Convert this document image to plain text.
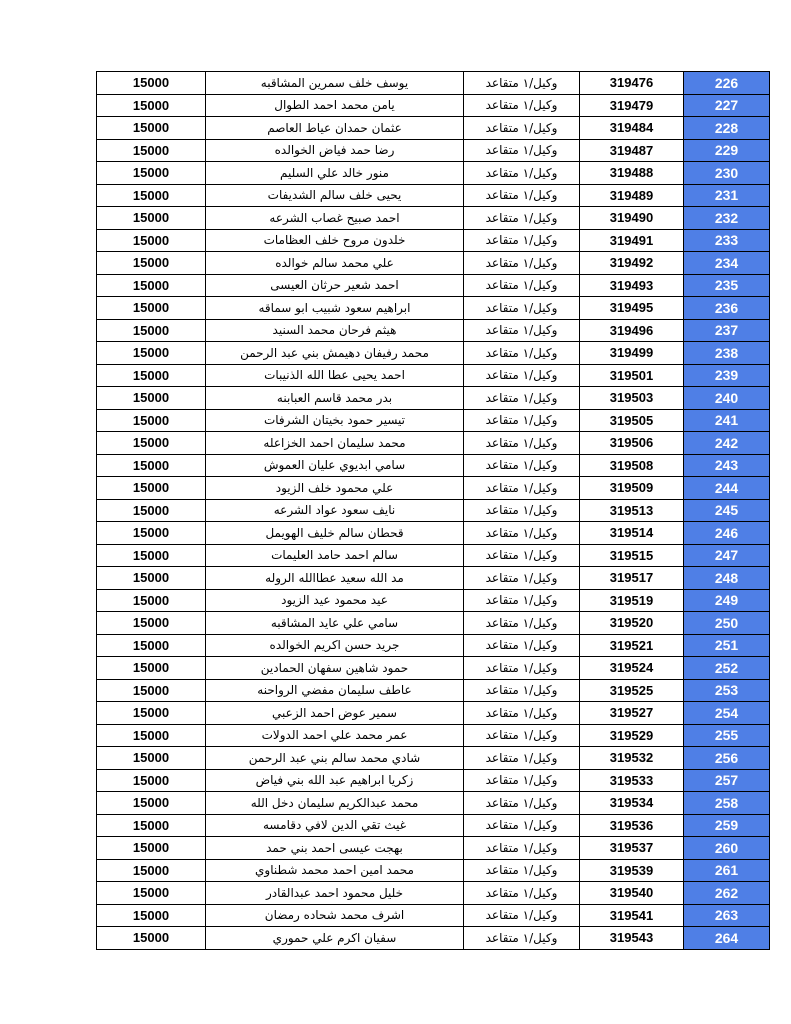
15000	يوسف خلف سمرين المشاقبه	وكيل/١ متقاعد	319476	226
15000	يامن محمد احمد الطوال	وكيل/١ متقاعد	319479	227
15000	عثمان حمدان عياط العاصم	وكيل/١ متقاعد	319484	228
15000	رضا حمد فياض الخوالده	وكيل/١ متقاعد	319487	229
15000	منور خالد علي السليم	وكيل/١ متقاعد	319488	230
15000	يحيى خلف سالم الشديفات	وكيل/١ متقاعد	319489	231
15000	احمد صبيح غصاب الشرعه	وكيل/١ متقاعد	319490	232
15000	خلدون مروح خلف العظامات	وكيل/١ متقاعد	319491	233
15000	علي محمد سالم خوالده	وكيل/١ متقاعد	319492	234
15000	احمد شعير حرثان العيسى	وكيل/١ متقاعد	319493	235
15000	ابراهيم سعود شبيب ابو سماقه	وكيل/١ متقاعد	319495	236
15000	هيثم فرحان محمد السنيد	وكيل/١ متقاعد	319496	237
15000	محمد رفيفان دهيمش بني عبد الرحمن	وكيل/١ متقاعد	319499	238
15000	احمد يحيى عطا الله الذنيبات	وكيل/١ متقاعد	319501	239
15000	بدر محمد قاسم العبابنه	وكيل/١ متقاعد	319503	240
15000	تيسير حمود بخيتان الشرفات	وكيل/١ متقاعد	319505	241
15000	محمد سليمان احمد الخزاعله	وكيل/١ متقاعد	319506	242
15000	سامي ابديوي عليان العموش	وكيل/١ متقاعد	319508	243
15000	علي محمود خلف الزيود	وكيل/١ متقاعد	319509	244
15000	نايف سعود عواد الشرعه	وكيل/١ متقاعد	319513	245
15000	قحطان سالم خليف الهويمل	وكيل/١ متقاعد	319514	246
15000	سالم احمد حامد العليمات	وكيل/١ متقاعد	319515	247
15000	مد الله سعيد عطاالله الروله	وكيل/١ متقاعد	319517	248
15000	عيد محمود عيد الزيود	وكيل/١ متقاعد	319519	249
15000	سامي علي عايد المشاقبه	وكيل/١ متقاعد	319520	250
15000	جريد حسن اكريم الخوالده	وكيل/١ متقاعد	319521	251
15000	حمود شاهين سفهان الحمادين	وكيل/١ متقاعد	319524	252
15000	عاطف سليمان مفضي الرواحنه	وكيل/١ متقاعد	319525	253
15000	سمير عوض احمد الزعبي	وكيل/١ متقاعد	319527	254
15000	عمر محمد علي احمد الدولات	وكيل/١ متقاعد	319529	255
15000	شادي محمد سالم بني عبد الرحمن	وكيل/١ متقاعد	319532	256
15000	زكريا ابراهيم عبد الله بني فياض	وكيل/١ متقاعد	319533	257
15000	محمد عبدالكريم سليمان دخل الله	وكيل/١ متقاعد	319534	258
15000	غيث تقي الدين لافي دقامسه	وكيل/١ متقاعد	319536	259
15000	بهجت عيسى احمد بني حمد	وكيل/١ متقاعد	319537	260
15000	محمد امين احمد محمد شطناوي	وكيل/١ متقاعد	319539	261
15000	خليل محمود احمد عبدالقادر	وكيل/١ متقاعد	319540	262
15000	اشرف محمد شحاده رمضان	وكيل/١ متقاعد	319541	263
15000	سفيان اكرم علي حموري	وكيل/١ متقاعد	319543	264
